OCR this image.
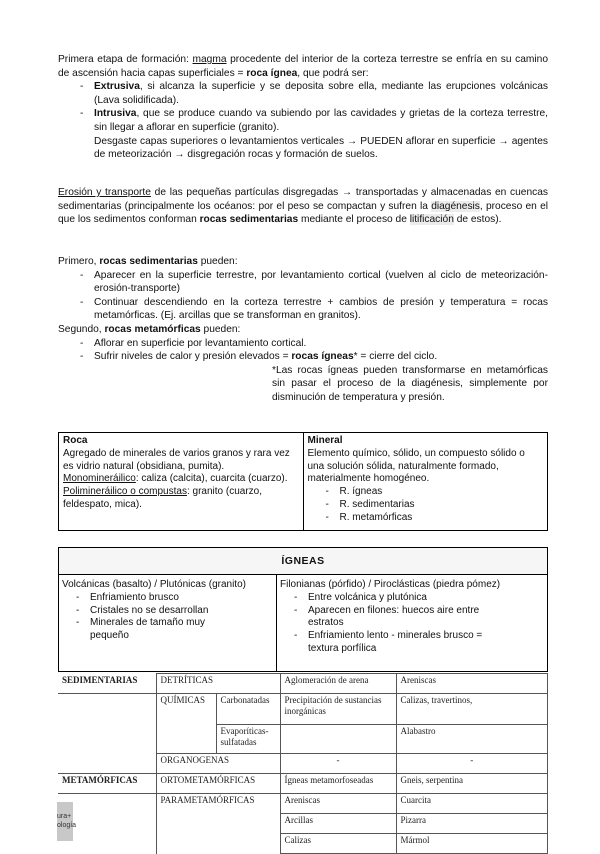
Primera etapa de formación: magma procedente del interior de la corteza terrestre se enfría en su camino de ascensión hacia capas superficiales = roca ígnea, que podrá ser:

- Extrusiva, si alcanza la superficie y se deposita sobre ella, mediante las erupciones volcánicas (Lava solidificada).
- Intrusiva, que se produce cuando va subiendo por las cavidades y grietas de la corteza terrestre, sin llegar a aflorar en superficie (granito).

Desgaste capas superiores o levantamientos verticales → PUEDEN aflorar en superficie → agentes de meteorización → disgregación rocas y formación de suelos.

Erosión y transporte de las pequeñas partículas disgregadas → transportadas y almacenadas en cuencas sedimentarias (principalmente los océanos: por el peso se compactan y sufren la diagénesis, proceso en el que los sedimentos conforman rocas sedimentarias mediante el proceso de litificación de estos).

Primero, rocas sedimentarias pueden:

- Aparecer en la superficie terrestre, por levantamiento cortical (vuelven al ciclo de meteorización-erosión-transporte)
- Continuar descendiendo en la corteza terrestre + cambios de presión y temperatura = rocas metamórficas. (Ej. arcillas que se transforman en granitos).

Segundo, rocas metamórficas pueden:

- Aflorar en superficie por levantamiento cortical.
- Sufrir niveles de calor y presión elevados = rocas ígneas* = cierre del ciclo.

*Las rocas ígneas pueden transformarse en metamórficas sin pasar el proceso de la diagénesis, simplemente por disminución de temperatura y presión.

Roca
Agregado de minerales de varios granos y rara vez es vidrio natural (obsidiana, pumita).
Monomineráilico: caliza (calcita), cuarcita (cuarzo).
Polimineráilico o compustas: granito (cuarzo, feldespato, mica).

Mineral
Elemento químico, sólido, un compuesto sólido o una solución sólida, naturalmente formado, materialmente homogéneo.
- R. ígneas
- R. sedimentarias
- R. metamórficas
ÍGNEAS
Volcánicas (basalto) / Plutónicas (granito)
- Enfriamiento brusco
- Cristales no se desarrollan
- Minerales de tamaño muy pequeño
Filonianas (pórfido) / Piroclásticas (piedra pómez)
- Entre volcánica y plutónica
- Aparecen en filones: huecos aire entre estratos
- Enfriamiento lento - minerales brusco = textura porfílica
SEDIMENTARIAS	DETRÍTICAS		Aglomeración de arena	Areniscas
	QUÍMICAS	Carbonatadas	Precipitación de sustancias inorgánicas	Calizas, travertinos,
		Evaporíticas-sulfatadas		Alabastro
	ORGANOGENAS		-	-
METAMÓRFICAS	ORTOMETAMÓRFICAS		Ígneas metamorfoseadas	Gneis, serpentina
	PARAMETAMÓRFICAS		Areniscas	Cuarcita
			Arcillas	Pizarra
			Calizas	Mármol
ura+
ología
